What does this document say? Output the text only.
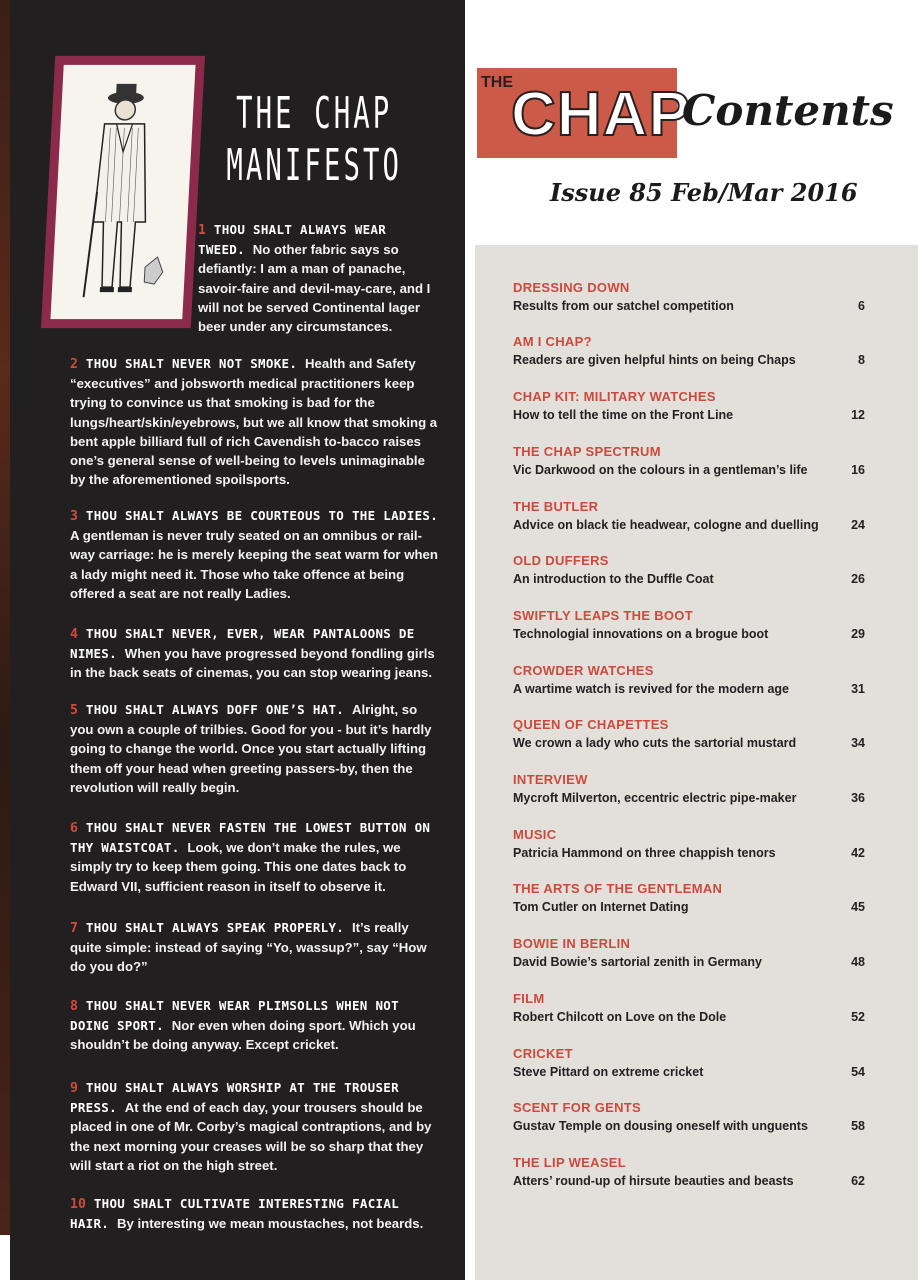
THE CHAP
MANIFESTO
1 THOU SHALT ALWAYS WEAR TWEED. No other fabric says so defiantly: I am a man of panache, savoir-faire and devil-may-care, and I will not be served Continental lager beer under any circumstances.
2 THOU SHALT NEVER NOT SMOKE. Health and Safety “executives” and jobsworth medical practitioners keep trying to convince us that smoking is bad for the lungs/heart/skin/eyebrows, but we all know that smoking a bent apple billiard full of rich Cavendish to-bacco raises one’s general sense of well-being to levels unimaginable by the aforementioned spoilsports.
3 THOU SHALT ALWAYS BE COURTEOUS TO THE LADIES. A gentleman is never truly seated on an omnibus or rail-way carriage: he is merely keeping the seat warm for when a lady might need it. Those who take offence at being offered a seat are not really Ladies.
4 THOU SHALT NEVER, EVER, WEAR PANTALOONS DE NIMES. When you have progressed beyond fondling girls in the back seats of cinemas, you can stop wearing jeans.
5 THOU SHALT ALWAYS DOFF ONE’S HAT. Alright, so you own a couple of trilbies. Good for you - but it’s hardly going to change the world. Once you start actually lifting them off your head when greeting passers-by, then the revolution will really begin.
6 THOU SHALT NEVER FASTEN THE LOWEST BUTTON ON THY WAISTCOAT. Look, we don’t make the rules, we simply try to keep them going. This one dates back to Edward VII, sufficient reason in itself to observe it.
7 THOU SHALT ALWAYS SPEAK PROPERLY. It’s really quite simple: instead of saying “Yo, wassup?”, say “How do you do?”
8 THOU SHALT NEVER WEAR PLIMSOLLS WHEN NOT DOING SPORT. Nor even when doing sport. Which you shouldn’t be doing anyway. Except cricket.
9 THOU SHALT ALWAYS WORSHIP AT THE TROUSER PRESS. At the end of each day, your trousers should be placed in one of Mr. Corby’s magical contraptions, and by the next morning your creases will be so sharp that they will start a riot on the high street.
10 THOU SHALT CULTIVATE INTERESTING FACIAL HAIR. By interesting we mean moustaches, not beards.
THE
CHAP
Contents
Issue 85 Feb/Mar 2016
DRESSING DOWN
Results from our satchel competition	6
AM I CHAP?
Readers are given helpful hints on being Chaps	8
CHAP KIT: MILITARY WATCHES
How to tell the time on the Front Line	12
THE CHAP SPECTRUM
Vic Darkwood on the colours in a gentleman’s life	16
THE BUTLER
Advice on black tie headwear, cologne and duelling	24
OLD DUFFERS
An introduction to the Duffle Coat	26
SWIFTLY LEAPS THE BOOT
Technologial innovations on a brogue boot	29
CROWDER WATCHES
A wartime watch is revived for the modern age	31
QUEEN OF CHAPETTES
We crown a lady who cuts the sartorial mustard	34
INTERVIEW
Mycroft Milverton, eccentric electric pipe-maker	36
MUSIC
Patricia Hammond on three chappish tenors	42
THE ARTS OF THE GENTLEMAN
Tom Cutler on Internet Dating	45
BOWIE IN BERLIN
David Bowie’s sartorial zenith in Germany	48
FILM
Robert Chilcott on Love on the Dole	52
CRICKET
Steve Pittard on extreme cricket	54
SCENT FOR GENTS
Gustav Temple on dousing oneself with unguents	58
THE LIP WEASEL
Atters’ round-up of hirsute beauties and beasts	62
